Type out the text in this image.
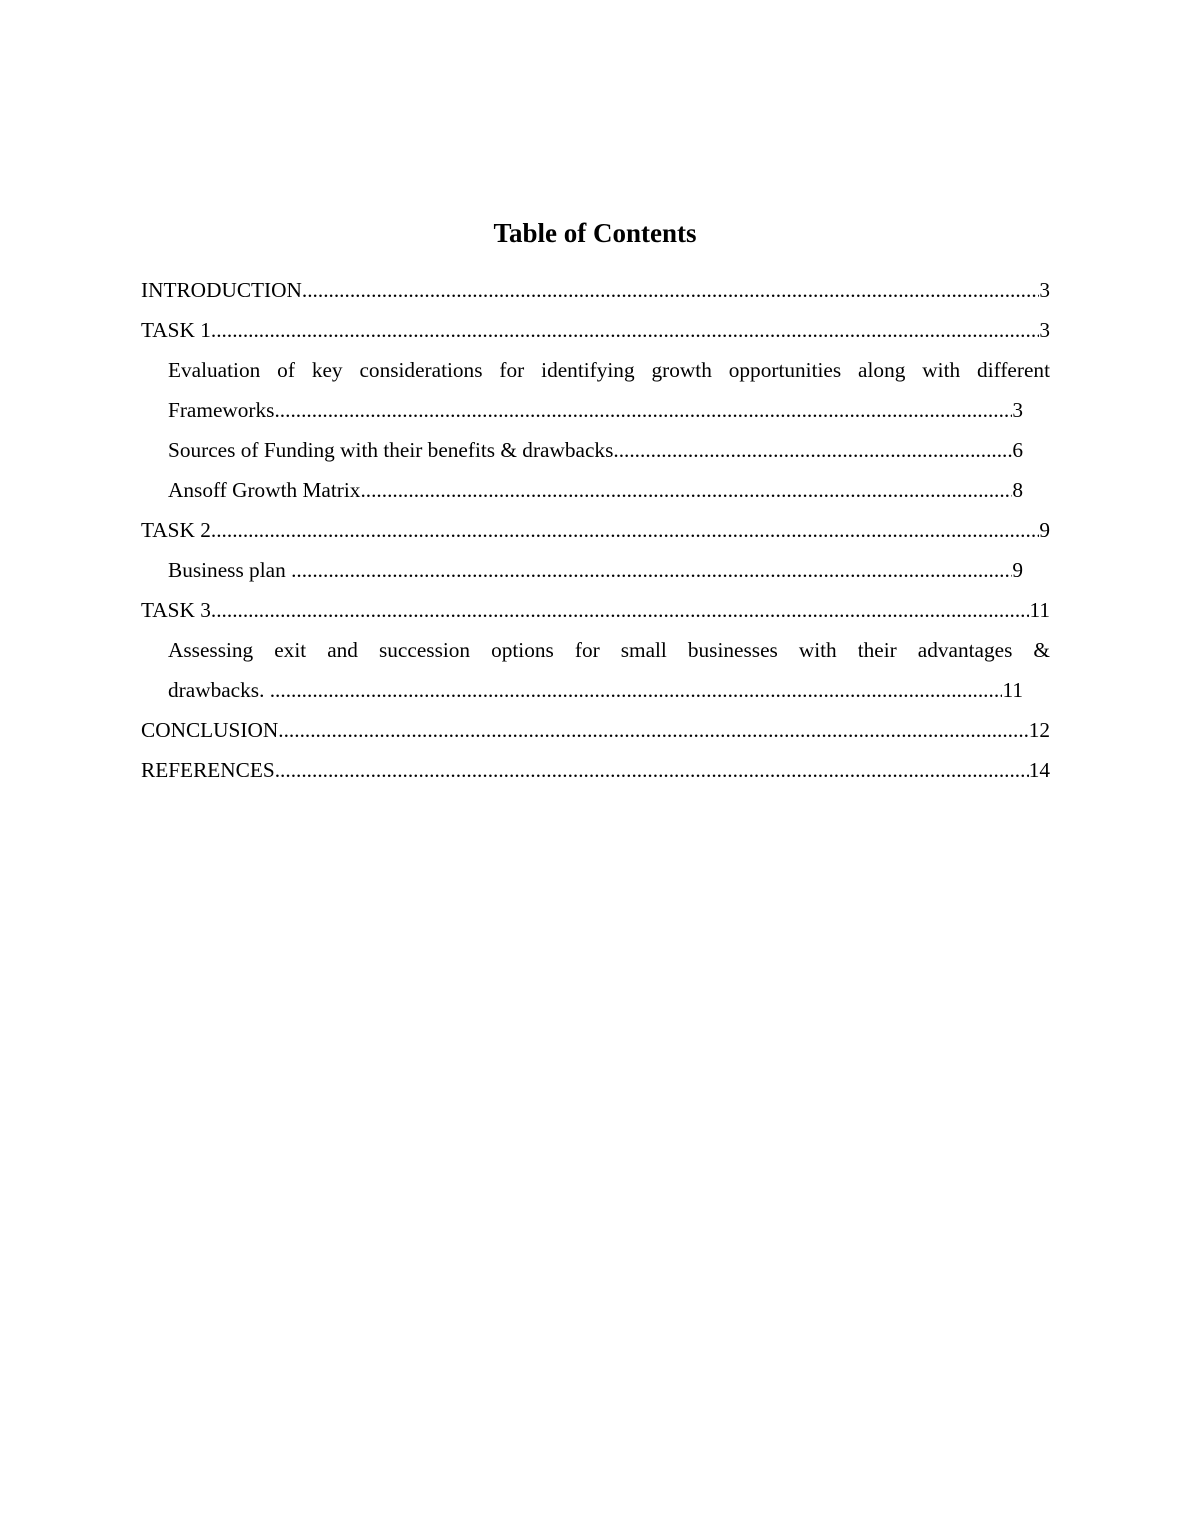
Table of Contents
INTRODUCTION .....	3
TASK 1 .....	3
Evaluation of key considerations for identifying growth opportunities along with different
Frameworks .....	3
Sources of Funding with their benefits & drawbacks .....	6
Ansoff Growth Matrix .....	8
TASK 2 .....	9
Business plan .....	9
TASK 3 .....	11
Assessing exit and succession options for small businesses with their advantages &
drawbacks. .....	11
CONCLUSION .....	12
REFERENCES .....	14
